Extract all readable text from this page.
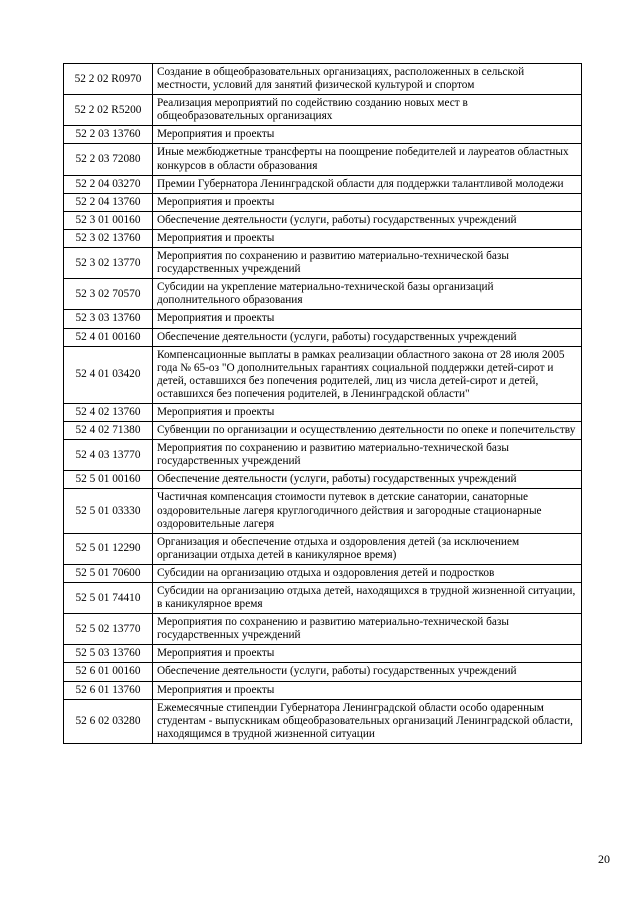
52 2 02 R0970	Создание в общеобразовательных организациях, расположенных в сельской местности, условий для занятий физической культурой и спортом
52 2 02 R5200	Реализация мероприятий по содействию созданию новых мест в общеобразовательных организациях
52 2 03 13760	Мероприятия и проекты
52 2 03 72080	Иные межбюджетные трансферты на поощрение победителей и лауреатов областных конкурсов в области образования
52 2 04 03270	Премии Губернатора Ленинградской области для поддержки талантливой молодежи
52 2 04 13760	Мероприятия и проекты
52 3 01 00160	Обеспечение деятельности (услуги, работы) государственных учреждений
52 3 02 13760	Мероприятия и проекты
52 3 02 13770	Мероприятия по сохранению и развитию материально-технической базы государственных учреждений
52 3 02 70570	Субсидии на укрепление материально-технической базы организаций дополнительного образования
52 3 03 13760	Мероприятия и проекты
52 4 01 00160	Обеспечение деятельности (услуги, работы) государственных учреждений
52 4 01 03420	Компенсационные выплаты в рамках реализации областного закона от 28 июля 2005 года № 65-оз "О дополнительных гарантиях социальной поддержки детей-сирот и детей, оставшихся без попечения родителей, лиц из числа детей-сирот и детей, оставшихся без попечения родителей, в Ленинградской области"
52 4 02 13760	Мероприятия и проекты
52 4 02 71380	Субвенции по организации и осуществлению деятельности по опеке и попечительству
52 4 03 13770	Мероприятия по сохранению и развитию материально-технической базы государственных учреждений
52 5 01 00160	Обеспечение деятельности (услуги, работы) государственных учреждений
52 5 01 03330	Частичная компенсация стоимости путевок в детские санатории, санаторные оздоровительные лагеря круглогодичного действия и загородные стационарные оздоровительные лагеря
52 5 01 12290	Организация и обеспечение отдыха и оздоровления детей (за исключением организации отдыха детей в каникулярное время)
52 5 01 70600	Субсидии на организацию отдыха и оздоровления детей и подростков
52 5 01 74410	Субсидии на организацию отдыха детей, находящихся в трудной жизненной ситуации, в каникулярное время
52 5 02 13770	Мероприятия по сохранению и развитию материально-технической базы государственных учреждений
52 5 03 13760	Мероприятия и проекты
52 6 01 00160	Обеспечение деятельности (услуги, работы) государственных учреждений
52 6 01 13760	Мероприятия и проекты
52 6 02 03280	Ежемесячные стипендии Губернатора Ленинградской области особо одаренным студентам - выпускникам общеобразовательных организаций Ленинградской области, находящимся в трудной жизненной ситуации
20
